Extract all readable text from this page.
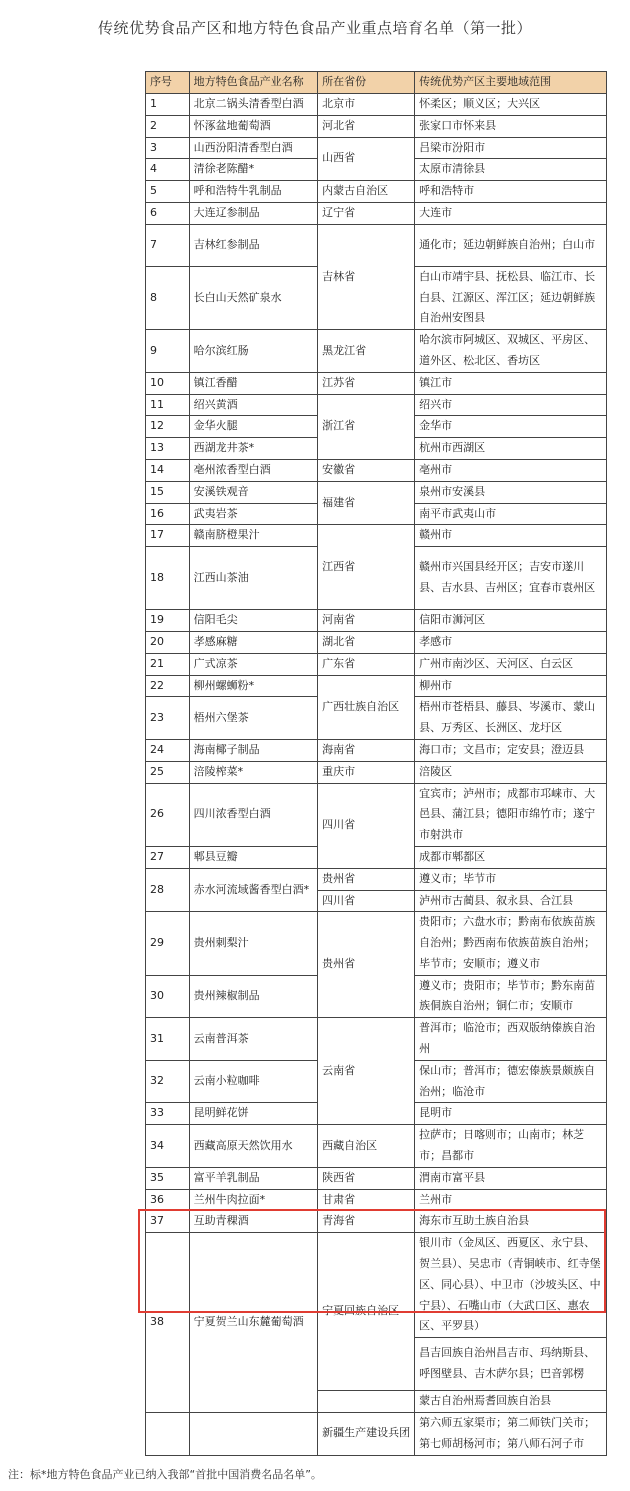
传统优势食品产区和地方特色食品产业重点培育名单（第一批）
序号	地方特色食品产业名称	所在省份	传统优势产区主要地域范围
1	北京二锅头清香型白酒	北京市	怀柔区；顺义区；大兴区
2	怀涿盆地葡萄酒	河北省	张家口市怀来县
3	山西汾阳清香型白酒	山西省	吕梁市汾阳市
4	清徐老陈醋*		太原市清徐县
5	呼和浩特牛乳制品	内蒙古自治区	呼和浩特市
6	大连辽参制品	辽宁省	大连市
7	吉林红参制品	吉林省	通化市；延边朝鲜族自治州；白山市
8	长白山天然矿泉水		白山市靖宇县、抚松县、临江市、长白县、江源区、浑江区；延边朝鲜族自治州安图县
9	哈尔滨红肠	黑龙江省	哈尔滨市阿城区、双城区、平房区、道外区、松北区、香坊区
10	镇江香醋	江苏省	镇江市
11	绍兴黄酒	浙江省	绍兴市
12	金华火腿		金华市
13	西湖龙井茶*		杭州市西湖区
14	亳州浓香型白酒	安徽省	亳州市
15	安溪铁观音	福建省	泉州市安溪县
16	武夷岩茶		南平市武夷山市
17	赣南脐橙果汁	江西省	赣州市
18	江西山茶油		赣州市兴国县经开区；吉安市遂川县、吉水县、吉州区；宜春市袁州区
19	信阳毛尖	河南省	信阳市浉河区
20	孝感麻糖	湖北省	孝感市
21	广式凉茶	广东省	广州市南沙区、天河区、白云区
22	柳州螺蛳粉*	广西壮族自治区	柳州市
23	梧州六堡茶		梧州市苍梧县、藤县、岑溪市、蒙山县、万秀区、长洲区、龙圩区
24	海南椰子制品	海南省	海口市；文昌市；定安县；澄迈县
25	涪陵榨菜*	重庆市	涪陵区
26	四川浓香型白酒	四川省	宜宾市；泸州市；成都市邛崃市、大邑县、蒲江县；德阳市绵竹市；遂宁市射洪市
27	郫县豆瓣		成都市郫都区
28	赤水河流域酱香型白酒*	贵州省	遵义市；毕节市
		四川省	泸州市古蔺县、叙永县、合江县
29	贵州刺梨汁	贵州省	贵阳市；六盘水市；黔南布依族苗族自治州；黔西南布依族苗族自治州；毕节市；安顺市；遵义市
30	贵州辣椒制品		遵义市；贵阳市；毕节市；黔东南苗族侗族自治州；铜仁市；安顺市
31	云南普洱茶	云南省	普洱市；临沧市；西双版纳傣族自治州
32	云南小粒咖啡		保山市；普洱市；德宏傣族景颇族自治州；临沧市
33	昆明鲜花饼		昆明市
34	西藏高原天然饮用水	西藏自治区	拉萨市；日喀则市；山南市；林芝市；昌都市
35	富平羊乳制品	陕西省	渭南市富平县
36	兰州牛肉拉面*	甘肃省	兰州市
37	互助青稞酒	青海省	海东市互助土族自治县
38	宁夏贺兰山东麓葡萄酒	宁夏回族自治区	银川市（金凤区、西夏区、永宁县、贺兰县）、吴忠市（青铜峡市、红寺堡区、同心县）、中卫市（沙坡头区、中宁县）、石嘴山市（大武口区、惠农区、平罗县）
			昌吉回族自治州昌吉市、玛纳斯县、呼图壁县、吉木萨尔县；巴音郭楞
			蒙古自治州焉耆回族自治县
		新疆生产建设兵团	第六师五家渠市；第二师铁门关市；第七师胡杨河市；第八师石河子市
注：标*地方特色食品产业已纳入我部“首批中国消费名品名单”。
